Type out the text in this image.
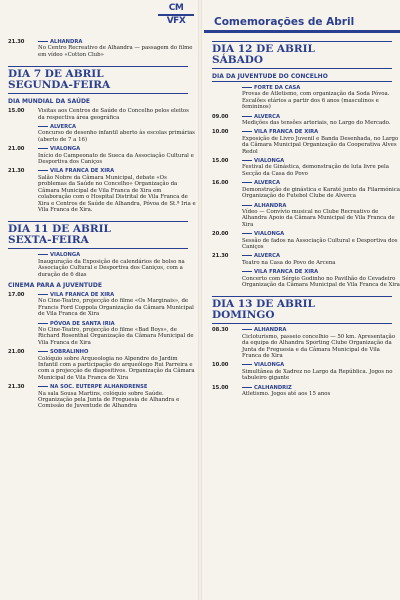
CM
VFX
21.30	ALHANDRA
No Centro Recreativo de Alhandra — passagem do filme em vídeo «Cotton Club»
DIA 7 DE ABRIL
SEGUNDA-FEIRA
DIA MUNDIAL DA SAÚDE
15.00	Visitas aos Centros de Saúde do Concelho pelos eleitos da respectiva área geográfica
ALVERCA
Concurso de desenho infantil aberto às escolas primárias (aberto de 7 a 16)
21.00	VIALONGA
Início do Campeonato de Sueca da Associação Cultural e Desportiva dos Caniços
21.30	VILA FRANCA DE XIRA
Salão Nobre da Câmara Municipal, debate «Os problemas da Saúde no Concelho» Organização da Câmara Municipal de Vila Franca de Xira em colaboração com o Hospital Distrital de Vila Franca de Xira e Centros de Saúde de Alhandra, Póvoa de St.ª Iria e Vila Franca de Xira.
DIA 11 DE ABRIL
SEXTA-FEIRA
VIALONGA
Inauguração da Exposição de calendários de bolso na Associação Cultural e Desportiva dos Caniços, com a duração de 6 dias
CINEMA PARA A JUVENTUDE
17.00	VILA FRANCA DE XIRA
No Cine-Teatro, projecção do filme «Os Marginais», de Francis Ford Coppola Organização da Câmara Municipal de Vila Franca de Xira
PÓVOA DE SANTA IRIA
No Cine-Teatro, projecção do filme «Bad Boys», de Richard Rosenthal Organização da Câmara Municipal de Vila Franca de Xira
21.00	SOBRALINHO
Colóquio sobre Arqueologia no Alpendre do Jardim Infantil com a participação do arqueólogo Rui Parreira e com a projecção de diapositivos. Organização da Câmara Municipal de Vila Franca de Xira
21.30	NA SOC. EUTERPE ALHANDRENSE
Na sala Sousa Martins, colóquio sobre Saúde. Organização pela Junta de Freguesia de Alhandra e Comissão de Juventude de Alhandra
Comemorações de Abril
DIA 12 DE ABRIL
SÁBADO
DIA DA JUVENTUDE DO CONCELHO
FORTE DA CASA
Provas de Atletismo, com organização da Soda Póvoa. Escalões etários a partir dos 6 anos (masculinos e femininos)
09.00	ALVERCA
Medições das tensões arteriais, no Largo do Mercado.
10.00	VILA FRANCA DE XIRA
Exposição de Livro Juvenil e Banda Desenhada, no Largo da Câmara Municipal Organização da Cooperativa Alves Redol
15.00	VIALONGA
Festival de Ginástica, demonstração de luta livre pela Secção da Casa do Povo
16.00	ALVERCA
Demonstração de ginástica e Karaté junto da Filarmónica Organização do Futebol Clube de Alverca
ALHANDRA
Vídeo — Convívio musical no Clube Recreativo de Alhandra Apoio da Câmara Municipal de Vila Franca de Xira
20.00	VIALONGA
Sessão de fados na Associação Cultural e Desportiva dos Caniços
21.30	ALVERCA
Teatro na Casa do Povo de Arcena
VILA FRANCA DE XIRA
Concerto com Sérgio Godinho no Pavilhão do Cevadeiro Organização da Câmara Municipal de Vila Franca de Xira
DIA 13 DE ABRIL
DOMINGO
08.30	ALHANDRA
Cicloturismo, passeio concelhio — 50 km. Apresentação da equipa do Alhandra Sporting Clube Organização da Junta de Freguesia e da Câmara Municipal de Vila Franca de Xira
10.00	VIALONGA
Simultânea de Xadrez no Largo da República. Jogos no tabuleiro gigante
15.00	CALHANDRIZ
Atletismo. Jogos até aos 15 anos
